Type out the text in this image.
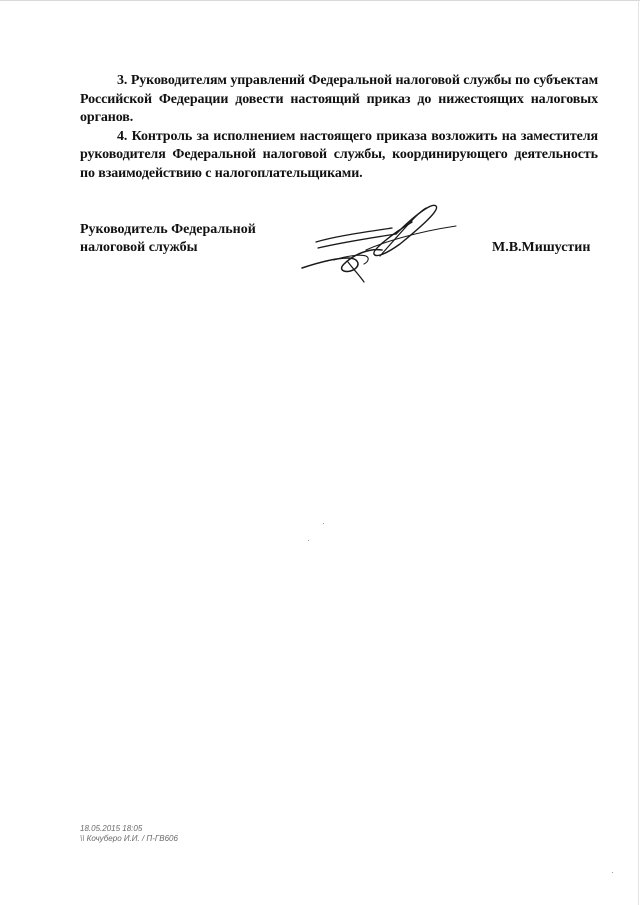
3. Руководителям управлений Федеральной налоговой службы по субъектам Российской Федерации довести настоящий приказ до нижестоящих налоговых органов.

4. Контроль за исполнением настоящего приказа возложить на заместителя руководителя Федеральной налоговой службы, координирующего деятельность по взаимодействию с налогоплательщиками.

Руководитель Федеральной
налоговой службы	М.В.Мишустин
18.05.2015 18:05
\\ Кочуберо И.И. / П-ГВ606
